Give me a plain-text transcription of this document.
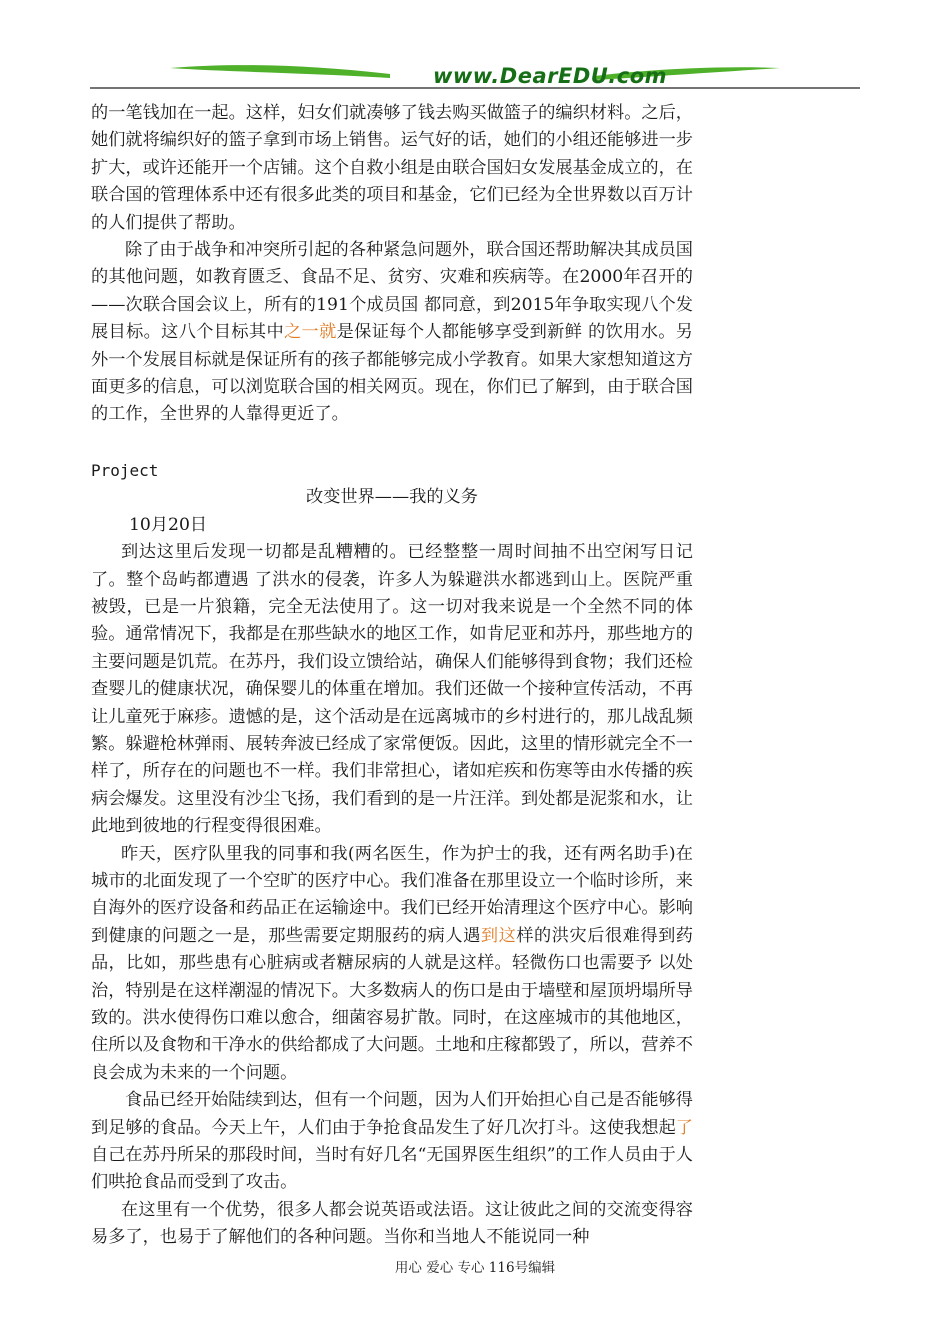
www.DearEDU.com

的一笔钱加在一起。这样，妇女们就凑够了钱去购买做篮子的编织材料。之后，她们就将编织好的篮子拿到市场上销售。运气好的话，她们的小组还能够进一步扩大，或许还能开一个店铺。这个自救小组是由联合国妇女发展基金成立的，在联合国的管理体系中还有很多此类的项目和基金，它们已经为全世界数以百万计的人们提供了帮助。

除了由于战争和冲突所引起的各种紧急问题外，联合国还帮助解决其成员国的其他问题，如教育匮乏、食品不足、贫穷、灾难和疾病等。在2000年召开的——次联合国会议上，所有的191个成员国 都同意，到2015年争取实现八个发展目标。这八个目标其中之一就是保证每个人都能够享受到新鲜 的饮用水。另外一个发展目标就是保证所有的孩子都能够完成小学教育。如果大家想知道这方面更多的信息，可以浏览联合国的相关网页。现在，你们已了解到，由于联合国的工作，全世界的人靠得更近了。

Project

改变世界——我的义务

10月20日

到达这里后发现一切都是乱糟糟的。已经整整一周时间抽不出空闲写日记了。整个岛屿都遭遇 了洪水的侵袭，许多人为躲避洪水都逃到山上。医院严重被毁，已是一片狼籍，完全无法使用了。这一切对我来说是一个全然不同的体验。通常情况下，我都是在那些缺水的地区工作，如肯尼亚和苏丹，那些地方的主要问题是饥荒。在苏丹，我们设立馈给站，确保人们能够得到食物；我们还检查婴儿的健康状况，确保婴儿的体重在增加。我们还做一个接种宣传活动，不再让儿童死于麻疹。遗憾的是，这个活动是在远离城市的乡村进行的，那儿战乱频繁。躲避枪林弹雨、展转奔波已经成了家常便饭。因此，这里的情形就完全不一样了，所存在的问题也不一样。我们非常担心，诸如疟疾和伤寒等由水传播的疾病会爆发。这里没有沙尘飞扬，我们看到的是一片汪洋。到处都是泥浆和水，让此地到彼地的行程变得很困难。

昨天，医疗队里我的同事和我(两名医生，作为护士的我，还有两名助手)在城市的北面发现了一个空旷的医疗中心。我们准备在那里设立一个临时诊所，来自海外的医疗设备和药品正在运输途中。我们已经开始清理这个医疗中心。影响到健康的问题之一是，那些需要定期服药的病人遇到这样的洪灾后很难得到药品，比如，那些患有心脏病或者糖尿病的人就是这样。轻微伤口也需要予 以处治，特别是在这样潮湿的情况下。大多数病人的伤口是由于墙壁和屋顶坍塌所导致的。洪水使得伤口难以愈合，细菌容易扩散。同时，在这座城市的其他地区，住所以及食物和干净水的供给都成了大问题。土地和庄稼都毁了，所以，营养不良会成为未来的一个问题。

食品已经开始陆续到达，但有一个问题，因为人们开始担心自己是否能够得到足够的食品。今天上午，人们由于争抢食品发生了好几次打斗。这使我想起了自己在苏丹所呆的那段时间，当时有好几名“无国界医生组织”的工作人员由于人们哄抢食品而受到了攻击。

在这里有一个优势，很多人都会说英语或法语。这让彼此之间的交流变得容易多了，也易于了解他们的各种问题。当你和当地人不能说同一种

用心 爱心 专心 116号编辑
